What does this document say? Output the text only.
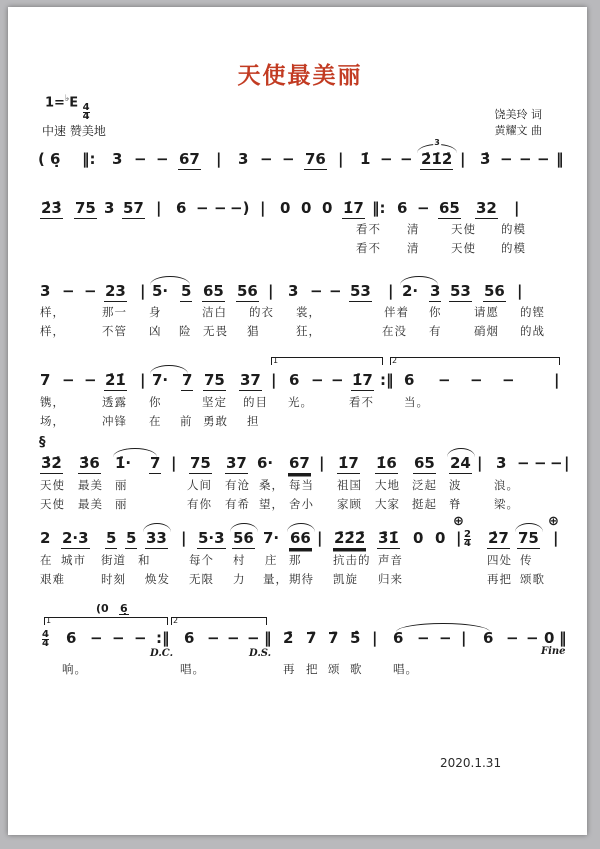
天使最美丽
$1=^♭E \frac{4}{4}$
中速 赞美地
饶美玲 词
黄耀文 曲
2020.1.31
( 6̣ ‖: 3 − − 67 | 3 − − 76 | 1̇ − − 2̇1̇2̇ | 3̇ − − − ‖
3
2̇3̇ 75 3 57 | 6 − − −) | 0 0 0 1̇7 ‖: 6 − 65 32 |
看不 清	天使 的模
看不 清	天使 的模
3 − − 23 | 5· 5 65 56 | 3 − − 53 | 2· 3 53 56 |
样，	那一 身	洁白 的衣 裳，	伴着 你	请愿 的铿
样，	不管 凶 险 无畏 猖	狂，	在没 有	硝烟 的战
7 − − 2̇1̇ | 7· 7 75 37 | 6 − − 1̇7 :‖ 6 − − −	|
1	2
镌，	透露 你	坚定 的目 光。	看不	当。
场，	冲锋 在 前 勇敢 担
3̇2̇ 3̇6 1̇· 7 | 75 37 6· 67 | 1̇7 1̇6 65 24 | 3 − − − |
§
天使 最美 丽	人间 有沧 桑， 每当 祖国 大地 泛起 波	浪。
天使 最美 丽	有你 有希 望， 舍小 家顾 大家 挺起 脊	梁。
2 2·3 5 5 33 | 5·3 56 7· 66 | 2̇̄2̇̄2̇̄ 3̇̄1̇̄ 0 0 | $\frac{2}{4}$ 2̇7 75 |
⊕	⊕
在 城市 街道 和	每个 村 庄 那	抗击的 声音	四处 传
艰难	时刻 焕发 无限 力 量， 期待 凯旋 归来	再把 颂歌
$\frac{4}{4} 6$ − − − :‖ 6 − − − ‖ 2̇̄ 7̄ 7̄ 5̂ | 6 − − | 6 − − 0 ‖
1	2
(0 6̣
D.C.	D.S.	Fine
响。	唱。	再 把 颂 歌	唱。
